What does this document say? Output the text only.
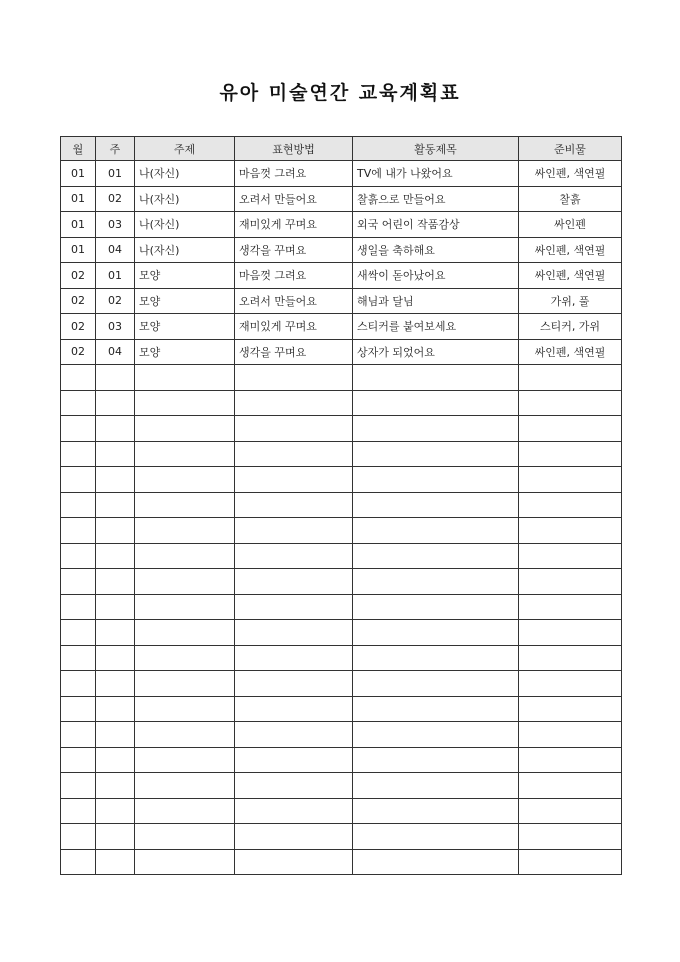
유아 미술연간 교육계획표
월	주	주제	표현방법	활동제목	준비물
01	01	나(자신)	마음껏 그려요	TV에 내가 나왔어요	싸인펜, 색연필
01	02	나(자신)	오려서 만들어요	찰흙으로 만들어요	찰흙
01	03	나(자신)	재미있게 꾸며요	외국 어린이 작품감상	싸인펜
01	04	나(자신)	생각을 꾸며요	생일을 축하해요	싸인펜, 색연필
02	01	모양	마음껏 그려요	새싹이 돋아났어요	싸인펜, 색연필
02	02	모양	오려서 만들어요	해님과 달님	가위, 풀
02	03	모양	재미있게 꾸며요	스티커를 붙여보세요	스티커, 가위
02	04	모양	생각을 꾸며요	상자가 되었어요	싸인펜, 색연필
